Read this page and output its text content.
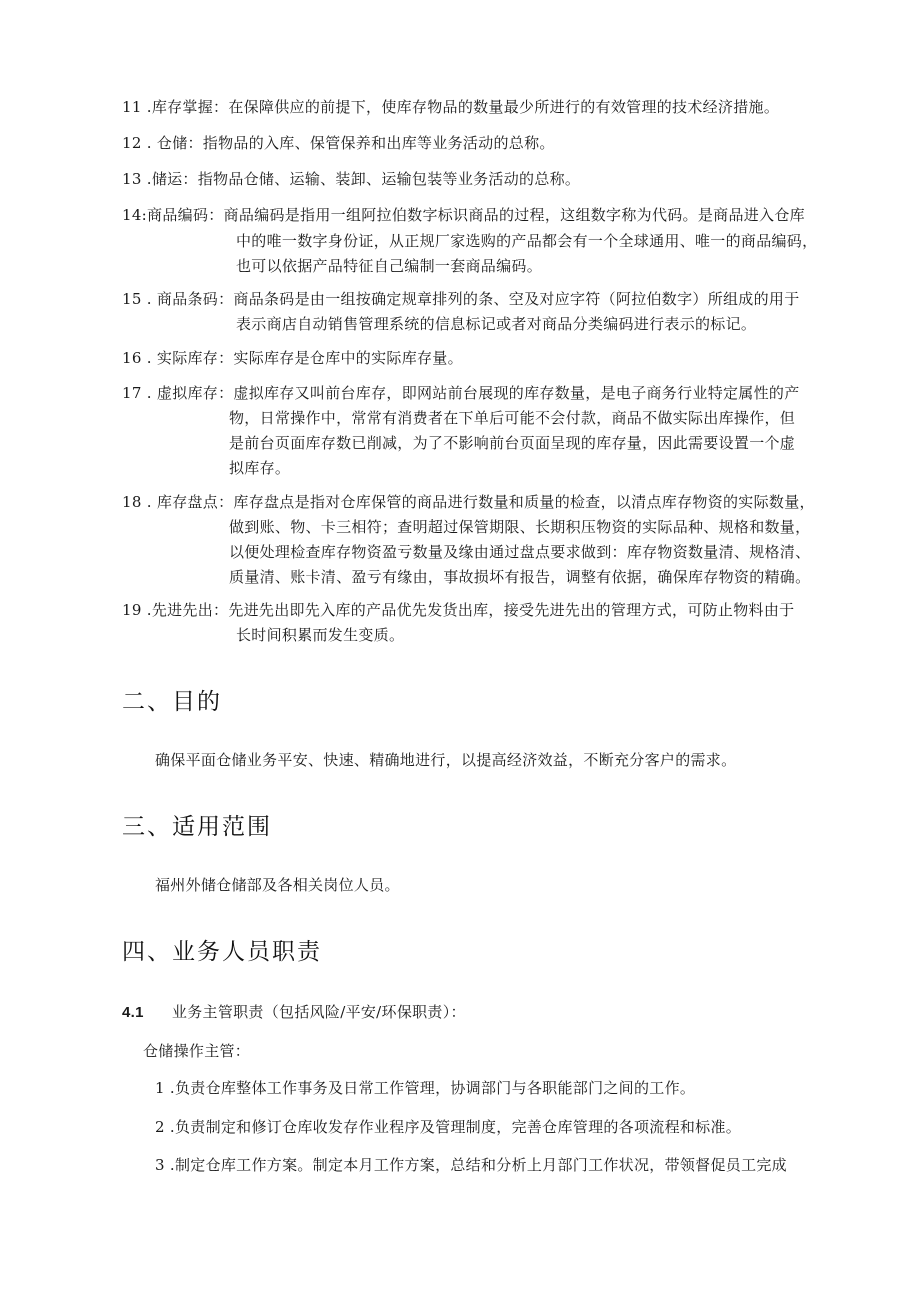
11 .库存掌握：在保障供应的前提下，使库存物品的数量最少所进行的有效管理的技术经济措施。
12 . 仓储：指物品的入库、保管保养和出库等业务活动的总称。
13 .储运：指物品仓储、运输、装卸、运输包装等业务活动的总称。
14:商品编码：商品编码是指用一组阿拉伯数字标识商品的过程，这组数字称为代码。是商品进入仓库
中的唯一数字身份证，从正规厂家选购的产品都会有一个全球通用、唯一的商品编码，
也可以依据产品特征自己编制一套商品编码。
15 . 商品条码：商品条码是由一组按确定规章排列的条、空及对应字符（阿拉伯数字）所组成的用于
表示商店自动销售管理系统的信息标记或者对商品分类编码进行表示的标记。
16 . 实际库存：实际库存是仓库中的实际库存量。
17 . 虚拟库存：虚拟库存又叫前台库存，即网站前台展现的库存数量，是电子商务行业特定属性的产
物，日常操作中，常常有消费者在下单后可能不会付款，商品不做实际出库操作，但
是前台页面库存数已削减，为了不影响前台页面呈现的库存量，因此需要设置一个虚
拟库存。
18 . 库存盘点：库存盘点是指对仓库保管的商品进行数量和质量的检查，以清点库存物资的实际数量，
做到账、物、卡三相符；查明超过保管期限、长期积压物资的实际品种、规格和数量，
以便处理检查库存物资盈亏数量及缘由通过盘点要求做到：库存物资数量清、规格清、
质量清、账卡清、盈亏有缘由，事故损坏有报告，调整有依据，确保库存物资的精确。
19 .先进先出：先进先出即先入库的产品优先发货出库，接受先进先出的管理方式，可防止物料由于
长时间积累而发生变质。
二、目的
确保平面仓储业务平安、快速、精确地进行，以提高经济效益，不断充分客户的需求。
三、适用范围
福州外储仓储部及各相关岗位人员。
四、业务人员职责
4.1 业务主管职责（包括风险/平安/环保职责）：
仓储操作主管：
1 .负责仓库整体工作事务及日常工作管理，协调部门与各职能部门之间的工作。
2 .负责制定和修订仓库收发存作业程序及管理制度，完善仓库管理的各项流程和标准。
3 .制定仓库工作方案。制定本月工作方案，总结和分析上月部门工作状况，带领督促员工完成
